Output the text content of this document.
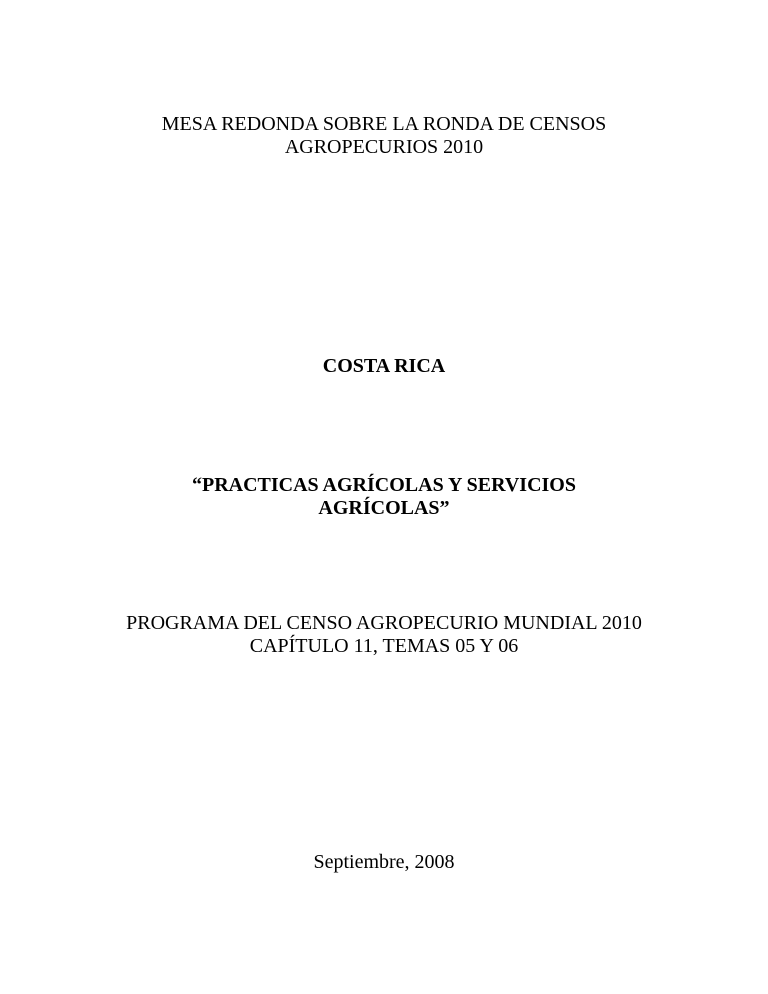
MESA REDONDA SOBRE LA RONDA DE CENSOS
AGROPECURIOS 2010
COSTA RICA
“PRACTICAS AGRÍCOLAS Y SERVICIOS
AGRÍCOLAS”
PROGRAMA DEL CENSO AGROPECURIO MUNDIAL 2010
CAPÍTULO 11, TEMAS 05 Y 06
Septiembre, 2008
